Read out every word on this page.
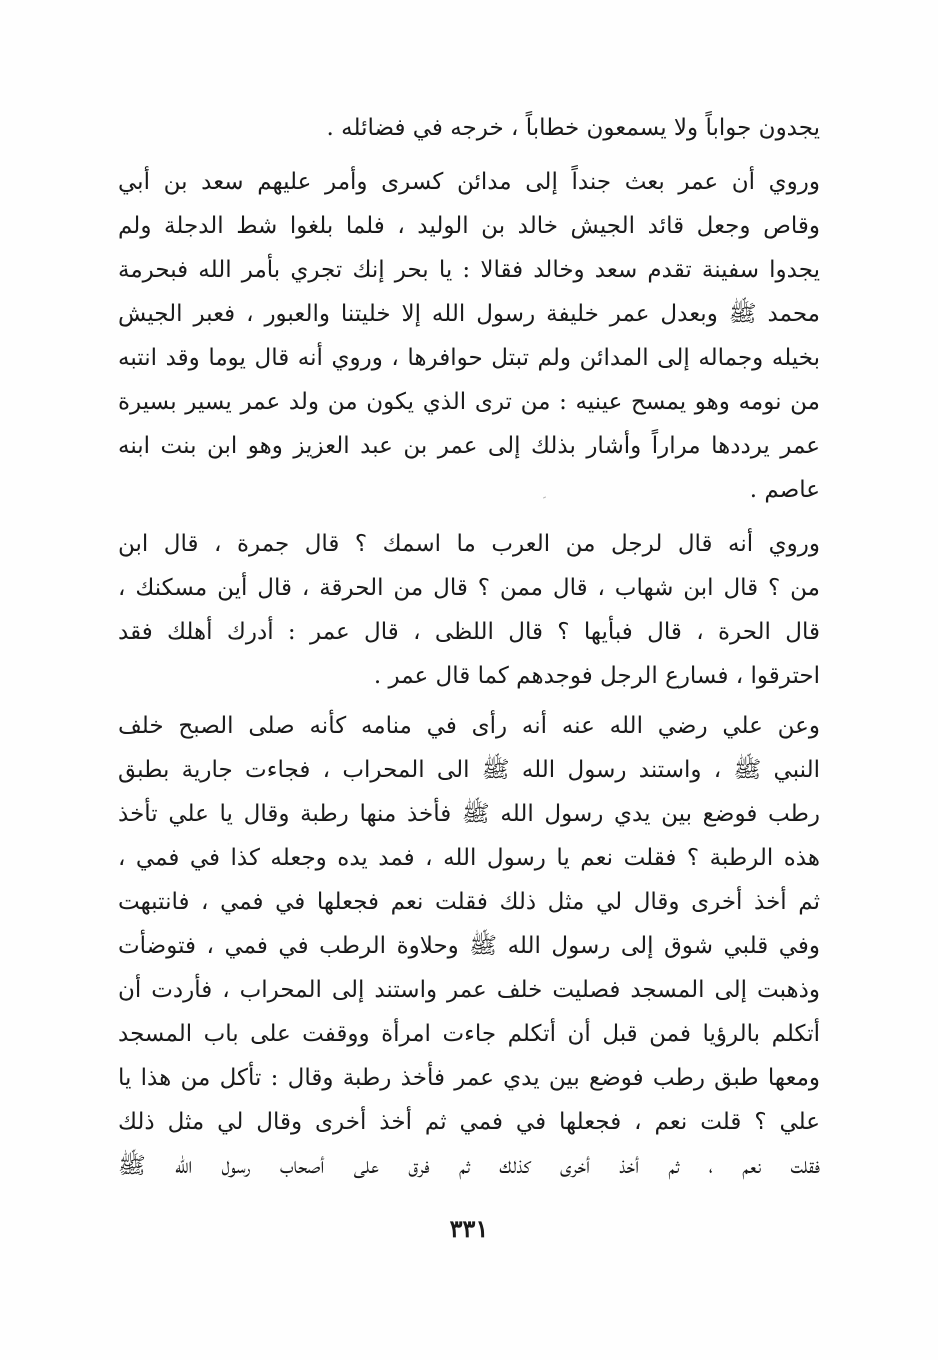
يجدون جواباً ولا يسمعون خطاباً ، خرجه في فضائله .
وروي أن عمر بعث جنداً إلى مدائن كسرى وأمر عليهم سعد بن أبي
وقاص وجعل قائد الجيش خالد بن الوليد ، فلما بلغوا شط الدجلة ولم
يجدوا سفينة تقدم سعد وخالد فقالا : يا بحر إنك تجري بأمر الله فبحرمة
محمد ﷺ وبعدل عمر خليفة رسول الله إلا خليتنا والعبور ، فعبر الجيش
بخيله وجماله إلى المدائن ولم تبتل حوافرها ، وروي أنه قال يوما وقد انتبه
من نومه وهو يمسح عينيه : من ترى الذي يكون من ولد عمر يسير بسيرة
عمر يرددها مراراً وأشار بذلك إلى عمر بن عبد العزيز وهو ابن بنت ابنه
عاصم .
وروي أنه قال لرجل من العرب ما اسمك ؟ قال جمرة ، قال ابن
من ؟ قال ابن شهاب ، قال ممن ؟ قال من الحرقة ، قال أين مسكنك ،
قال الحرة ، قال فبأيها ؟ قال اللظى ، قال عمر : أدرك أهلك فقد
احترقوا ، فسارع الرجل فوجدهم كما قال عمر .
وعن علي رضي الله عنه أنه رأى في منامه كأنه صلى الصبح خلف
النبي ﷺ ، واستند رسول الله ﷺ الى المحراب ، فجاءت جارية بطبق
رطب فوضع بين يدي رسول الله ﷺ فأخذ منها رطبة وقال يا علي تأخذ
هذه الرطبة ؟ فقلت نعم يا رسول الله ، فمد يده وجعله كذا في فمي ،
ثم أخذ أخرى وقال لي مثل ذلك فقلت نعم فجعلها في فمي ، فانتبهت
وفي قلبي شوق إلى رسول الله ﷺ وحلاوة الرطب في فمي ، فتوضأت
وذهبت إلى المسجد فصليت خلف عمر واستند إلى المحراب ، فأردت أن
أتكلم بالرؤيا فمن قبل أن أتكلم جاءت امرأة ووقفت على باب المسجد
ومعها طبق رطب فوضع بين يدي عمر فأخذ رطبة وقال : تأكل من هذا يا
علي ؟ قلت نعم ، فجعلها في فمي ثم أخذ أخرى وقال لي مثل ذلك
فقلت نعم ، ثم أخذ أخرى كذلك ثم فرق على أصحاب رسول الله ﷺ
٣٣١
